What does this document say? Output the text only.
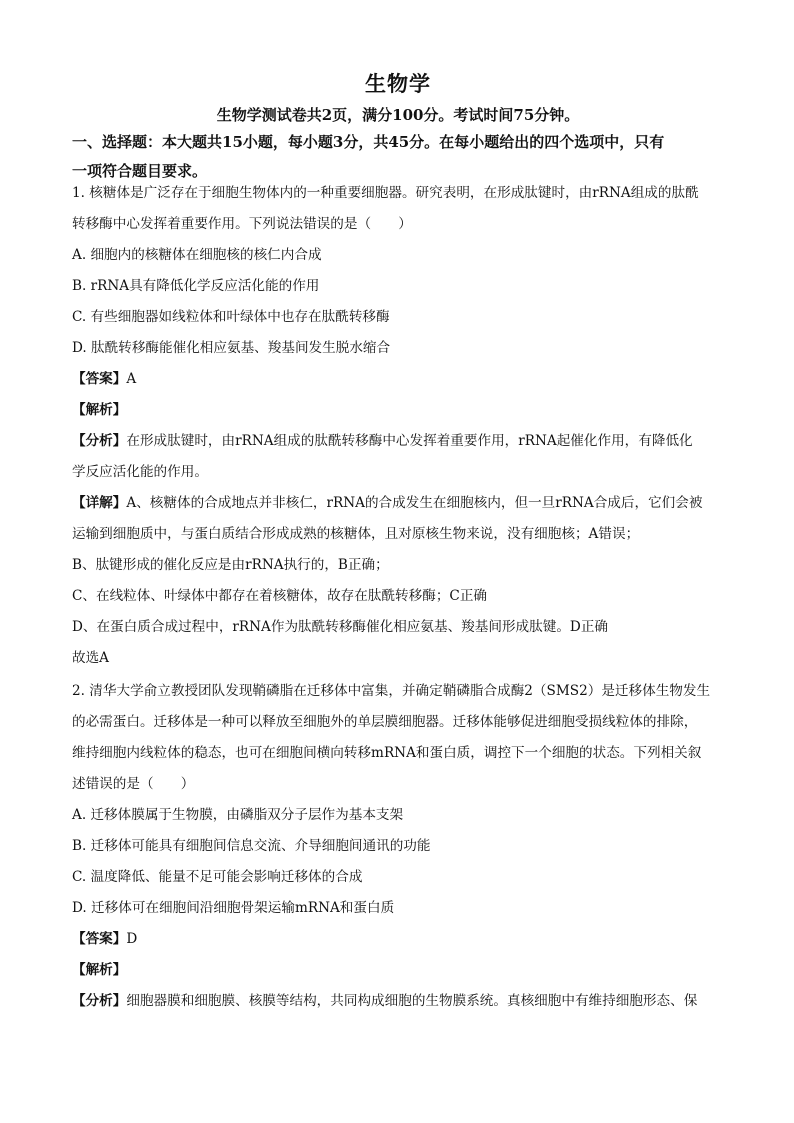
生物学
生物学测试卷共2页，满分100分。考试时间75分钟。
一、选择题：本大题共15小题，每小题3分，共45分。在每小题给出的四个选项中，只有
一项符合题目要求。
1. 核糖体是广泛存在于细胞生物体内的一种重要细胞器。研究表明，在形成肽键时，由rRNA组成的肽酰
转移酶中心发挥着重要作用。下列说法错误的是（　　）
A. 细胞内的核糖体在细胞核的核仁内合成
B. rRNA具有降低化学反应活化能的作用
C. 有些细胞器如线粒体和叶绿体中也存在肽酰转移酶
D. 肽酰转移酶能催化相应氨基、羧基间发生脱水缩合
【答案】A
【解析】
【分析】在形成肽键时，由rRNA组成的肽酰转移酶中心发挥着重要作用，rRNA起催化作用，有降低化
学反应活化能的作用。
【详解】A、核糖体的合成地点并非核仁，rRNA的合成发生在细胞核内，但一旦rRNA合成后，它们会被
运输到细胞质中，与蛋白质结合形成成熟的核糖体，且对原核生物来说，没有细胞核；A错误；
B、肽键形成的催化反应是由rRNA执行的，B正确；
C、在线粒体、叶绿体中都存在着核糖体，故存在肽酰转移酶；C正确
D、在蛋白质合成过程中，rRNA作为肽酰转移酶催化相应氨基、羧基间形成肽键。D正确
故选A
2. 清华大学俞立教授团队发现鞘磷脂在迁移体中富集，并确定鞘磷脂合成酶2（SMS2）是迁移体生物发生
的必需蛋白。迁移体是一种可以释放至细胞外的单层膜细胞器。迁移体能够促进细胞受损线粒体的排除，
维持细胞内线粒体的稳态，也可在细胞间横向转移mRNA和蛋白质，调控下一个细胞的状态。下列相关叙
述错误的是（　　）
A. 迁移体膜属于生物膜，由磷脂双分子层作为基本支架
B. 迁移体可能具有细胞间信息交流、介导细胞间通讯的功能
C. 温度降低、能量不足可能会影响迁移体的合成
D. 迁移体可在细胞间沿细胞骨架运输mRNA和蛋白质
【答案】D
【解析】
【分析】细胞器膜和细胞膜、核膜等结构，共同构成细胞的生物膜系统。真核细胞中有维持细胞形态、保
